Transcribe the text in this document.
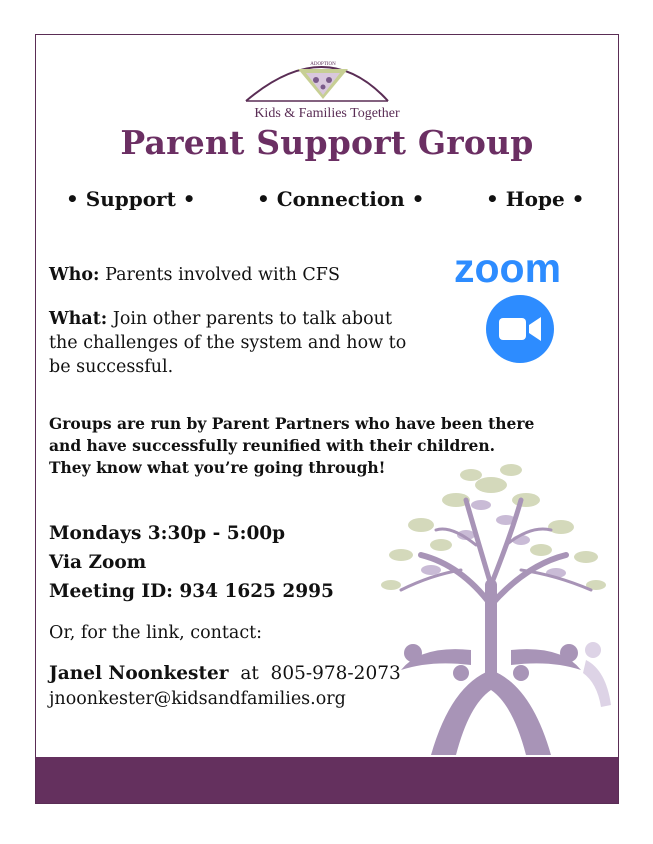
ADOPTION
Kids & Families Together
Parent Support Group
• Support •	• Connection •	• Hope •
Who: Parents involved with CFS
What: Join other parents to talk about
the challenges of the system and how to
be successful.
zoom
Groups are run by Parent Partners who have been there
and have successfully reunified with their children.
They know what you’re going through!
Mondays 3:30p - 5:00p
Via Zoom
Meeting ID: 934 1625 2995
Or, for the link, contact:
Janel Noonkester at 805-978-2073
jnoonkester@kidsandfamilies.org
